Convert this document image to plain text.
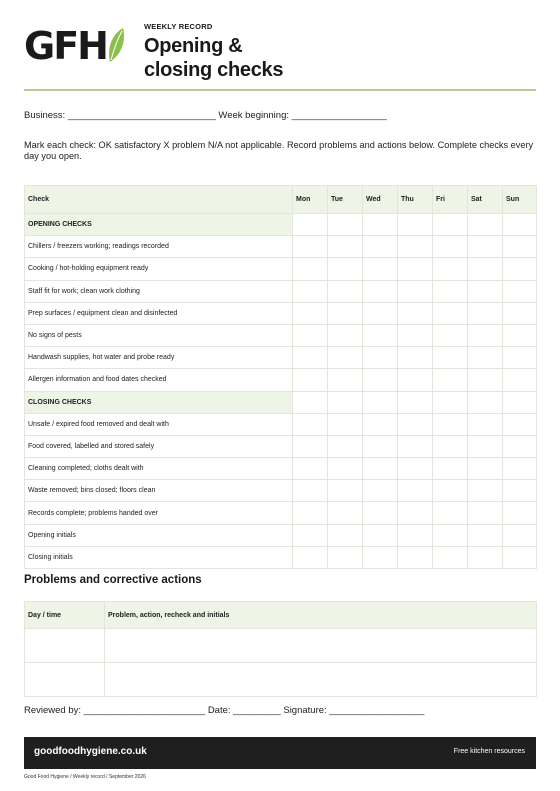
GFH	WEEKLY RECORD
Opening &
closing checks
Business: ____________________________ Week beginning: __________________
Mark each check: OK satisfactory X problem N/A not applicable. Record problems and actions below. Complete checks every day you open.
Check	Mon	Tue	Wed	Thu	Fri	Sat	Sun
OPENING CHECKS							
Chillers / freezers working; readings recorded							
Cooking / hot-holding equipment ready							
Staff fit for work; clean work clothing							
Prep surfaces / equipment clean and disinfected							
No signs of pests							
Handwash supplies, hot water and probe ready							
Allergen information and food dates checked							
CLOSING CHECKS							
Unsafe / expired food removed and dealt with							
Food covered, labelled and stored safely							
Cleaning completed; cloths dealt with							
Waste removed; bins closed; floors clean							
Records complete; problems handed over							
Opening initials							
Closing initials							
Problems and corrective actions
Day / time	Problem, action, recheck and initials

Reviewed by: _______________________ Date: _________ Signature: __________________
goodfoodhygiene.co.uk	Free kitchen resources
Good Food Hygiene / Weekly record / September 2026
